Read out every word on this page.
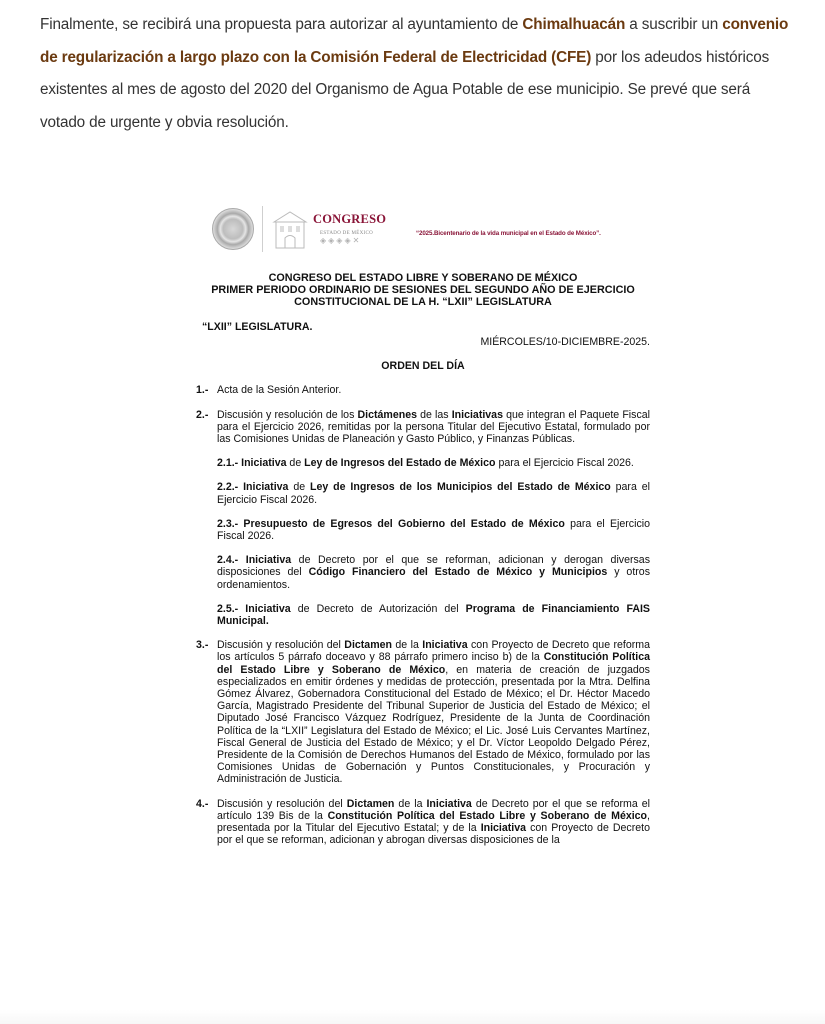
Finalmente, se recibirá una propuesta para autorizar al ayuntamiento de Chimalhuacán a suscribir un convenio de regularización a largo plazo con la Comisión Federal de Electricidad (CFE) por los adeudos históricos existentes al mes de agosto del 2020 del Organismo de Agua Potable de ese municipio. Se prevé que será votado de urgente y obvia resolución.
CONGRESO
ESTADO DE MÉXICO
◈◈◈◈✕
“2025.Bicentenario de la vida municipal en el Estado de México”.
CONGRESO DEL ESTADO LIBRE Y SOBERANO DE MÉXICO
PRIMER PERIODO ORDINARIO DE SESIONES DEL SEGUNDO AÑO DE EJERCICIO
CONSTITUCIONAL DE LA H. “LXII” LEGISLATURA
“LXII” LEGISLATURA.
MIÉRCOLES/10-DICIEMBRE-2025.
ORDEN DEL DÍA
1.- Acta de la Sesión Anterior.
2.- Discusión y resolución de los Dictámenes de las Iniciativas que integran el Paquete Fiscal para el Ejercicio 2026, remitidas por la persona Titular del Ejecutivo Estatal, formulado por las Comisiones Unidas de Planeación y Gasto Público, y Finanzas Públicas.
2.1.- Iniciativa de Ley de Ingresos del Estado de México para el Ejercicio Fiscal 2026.
2.2.- Iniciativa de Ley de Ingresos de los Municipios del Estado de México para el Ejercicio Fiscal 2026.
2.3.- Presupuesto de Egresos del Gobierno del Estado de México para el Ejercicio Fiscal 2026.
2.4.- Iniciativa de Decreto por el que se reforman, adicionan y derogan diversas disposiciones del Código Financiero del Estado de México y Municipios y otros ordenamientos.
2.5.- Iniciativa de Decreto de Autorización del Programa de Financiamiento FAIS Municipal.
3.- Discusión y resolución del Dictamen de la Iniciativa con Proyecto de Decreto que reforma los artículos 5 párrafo doceavo y 88 párrafo primero inciso b) de la Constitución Política del Estado Libre y Soberano de México, en materia de creación de juzgados especializados en emitir órdenes y medidas de protección, presentada por la Mtra. Delfina Gómez Álvarez, Gobernadora Constitucional del Estado de México; el Dr. Héctor Macedo García, Magistrado Presidente del Tribunal Superior de Justicia del Estado de México; el Diputado José Francisco Vázquez Rodríguez, Presidente de la Junta de Coordinación Política de la “LXII” Legislatura del Estado de México; el Lic. José Luis Cervantes Martínez, Fiscal General de Justicia del Estado de México; y el Dr. Víctor Leopoldo Delgado Pérez, Presidente de la Comisión de Derechos Humanos del Estado de México, formulado por las Comisiones Unidas de Gobernación y Puntos Constitucionales, y Procuración y Administración de Justicia.
4.- Discusión y resolución del Dictamen de la Iniciativa de Decreto por el que se reforma el artículo 139 Bis de la Constitución Política del Estado Libre y Soberano de México, presentada por la Titular del Ejecutivo Estatal; y de la Iniciativa con Proyecto de Decreto por el que se reforman, adicionan y abrogan diversas disposiciones de la
